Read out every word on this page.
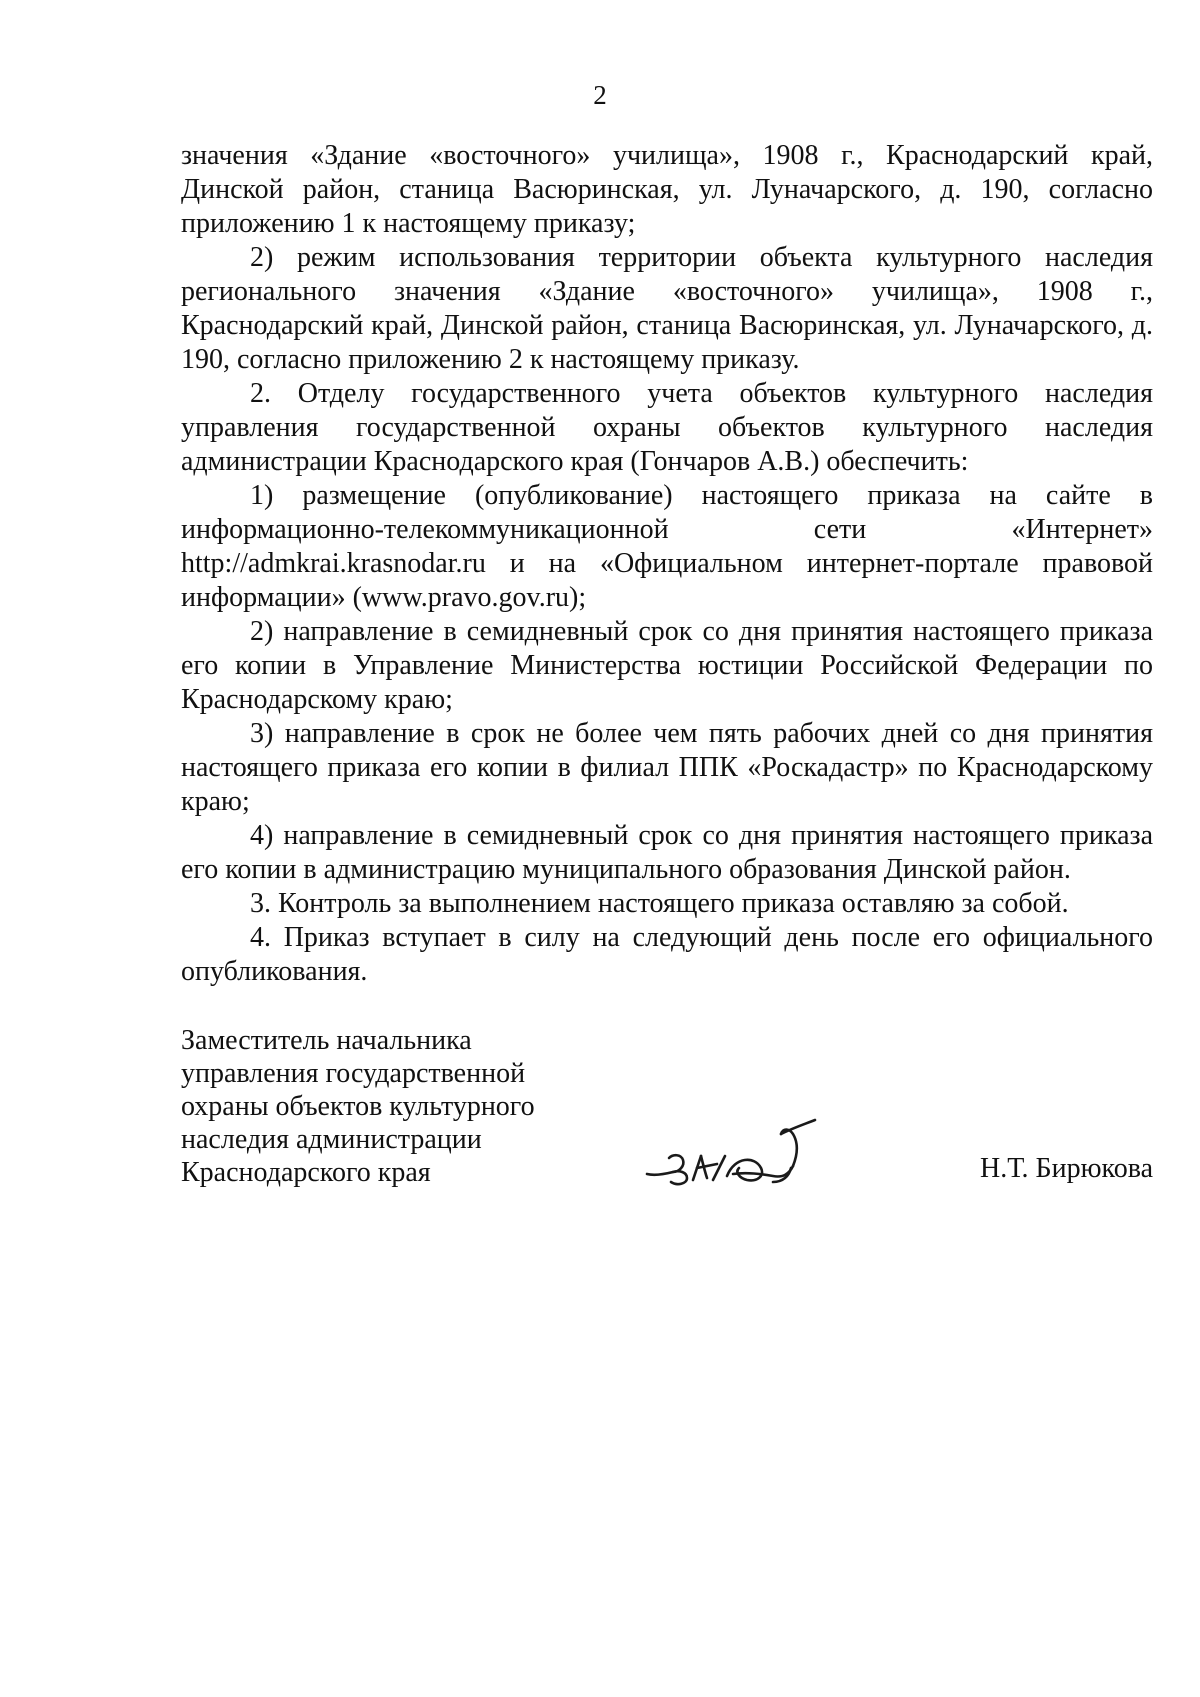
2

значения «Здание «восточного» училища», 1908 г., Краснодарский край, Динской район, станица Васюринская, ул. Луначарского, д. 190, согласно приложению 1 к настоящему приказу;

2) режим использования территории объекта культурного наследия регионального значения «Здание «восточного» училища», 1908 г., Краснодарский край, Динской район, станица Васюринская, ул. Луначарского, д. 190, согласно приложению 2 к настоящему приказу.

2. Отделу государственного учета объектов культурного наследия управления государственной охраны объектов культурного наследия администрации Краснодарского края (Гончаров А.В.) обеспечить:

1) размещение (опубликование) настоящего приказа на сайте в информационно-телекоммуникационной сети «Интернет» http://admkrai.krasnodar.ru и на «Официальном интернет-портале правовой информации» (www.pravo.gov.ru);

2) направление в семидневный срок со дня принятия настоящего приказа его копии в Управление Министерства юстиции Российской Федерации по Краснодарскому краю;

3) направление в срок не более чем пять рабочих дней со дня принятия настоящего приказа его копии в филиал ППК «Роскадастр» по Краснодарскому краю;

4) направление в семидневный срок со дня принятия настоящего приказа его копии в администрацию муниципального образования Динской район.

3. Контроль за выполнением настоящего приказа оставляю за собой.

4. Приказ вступает в силу на следующий день после его официального опубликования.

Заместитель начальника
управления государственной
охраны объектов культурного
наследия администрации
Краснодарского края	Н.Т. Бирюкова
